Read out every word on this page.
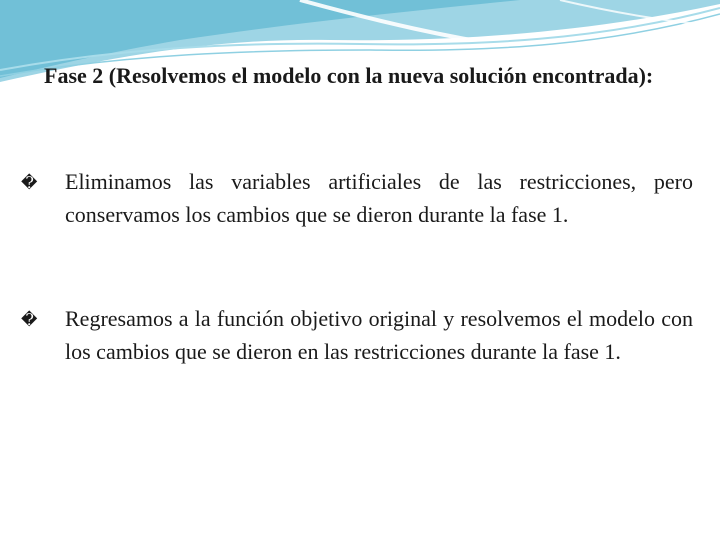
Fase 2 (Resolvemos el modelo con la nueva solución encontrada):
� Eliminamos las variables artificiales de las restricciones, pero conservamos los cambios que se dieron durante la fase 1.
� Regresamos a la función objetivo original y resolvemos el modelo con los cambios que se dieron en las restricciones durante la fase 1.
